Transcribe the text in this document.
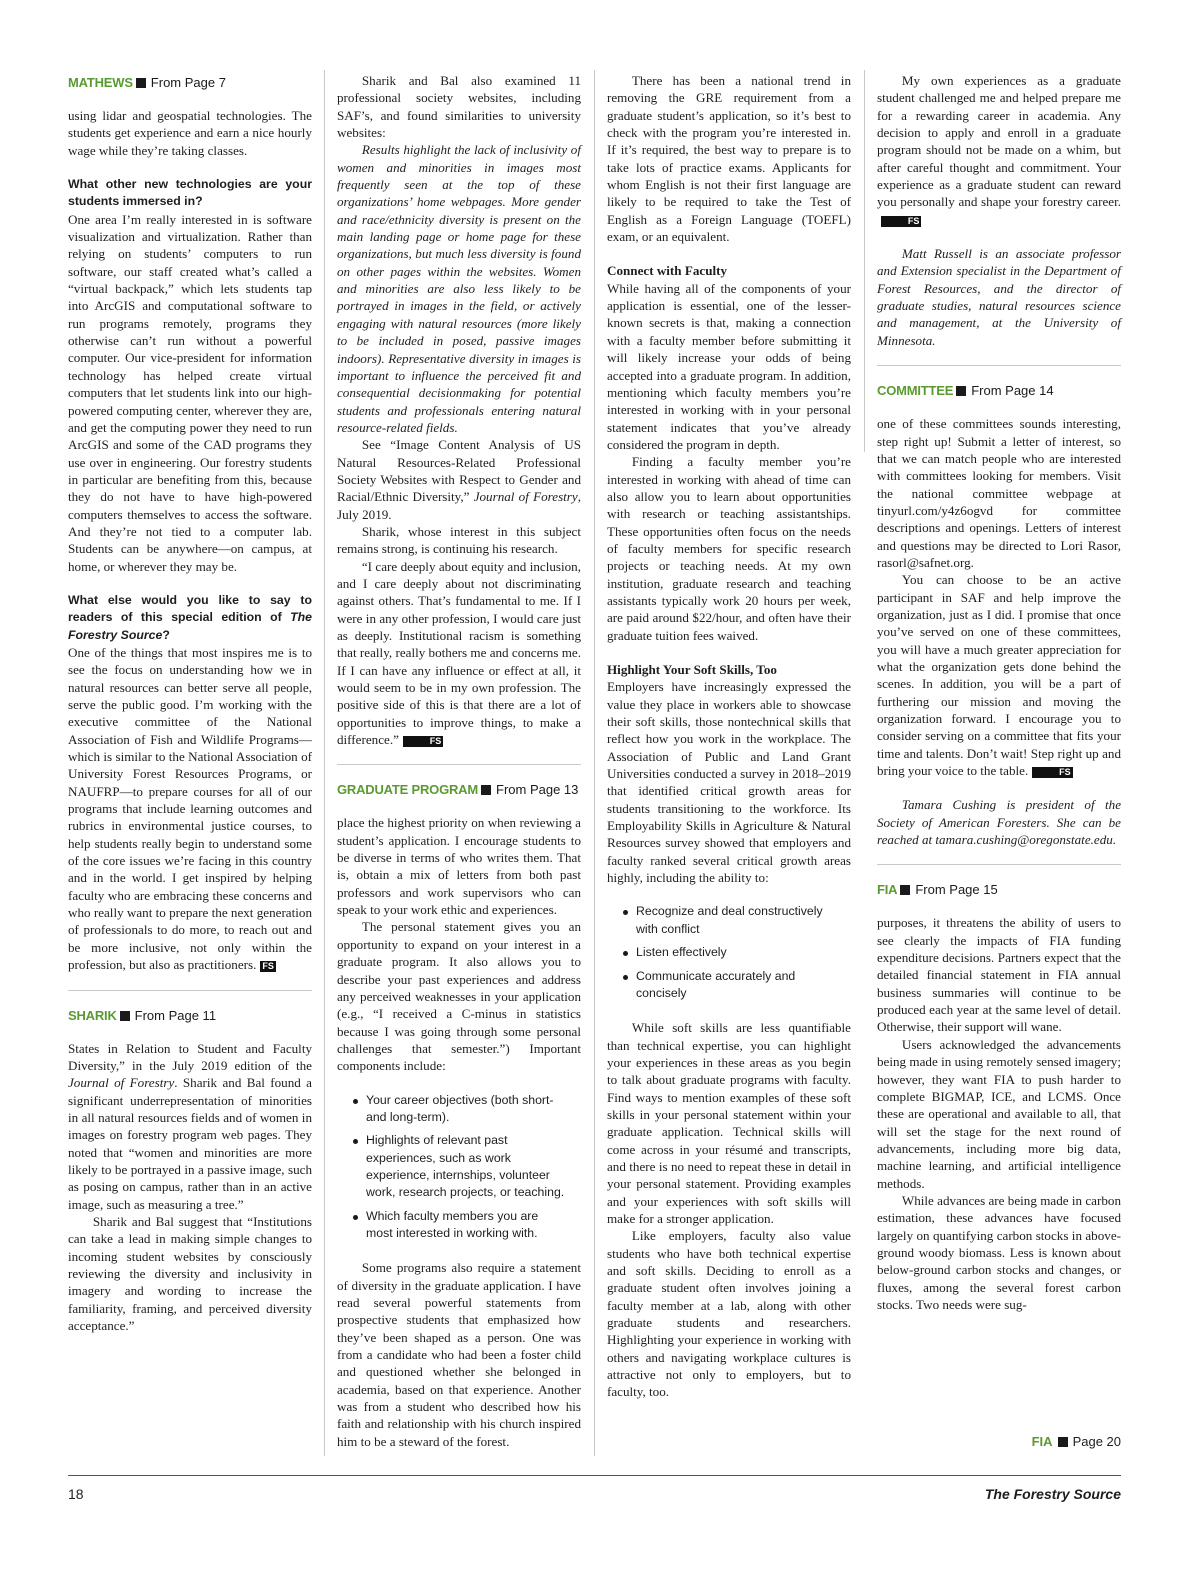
MATHEWS From Page 7

using lidar and geospatial technologies. The students get experience and earn a nice hourly wage while they’re taking classes.

What other new technologies are your students immersed in?

One area I’m really interested in is software visualization and virtualization. Rather than relying on students’ computers to run software, our staff created what’s called a “virtual backpack,” which lets students tap into ArcGIS and computational software to run programs remotely, programs they otherwise can’t run without a powerful computer. Our vice-president for information technology has helped create virtual computers that let students link into our high-powered computing center, wherever they are, and get the computing power they need to run ArcGIS and some of the CAD programs they use over in engineering. Our forestry students in particular are benefiting from this, because they do not have to have high-powered computers themselves to access the software. And they’re not tied to a computer lab. Students can be anywhere—on campus, at home, or wherever they may be.

What else would you like to say to readers of this special edition of The Forestry Source?

One of the things that most inspires me is to see the focus on understanding how we in natural resources can better serve all people, serve the public good. I’m working with the executive committee of the National Association of Fish and Wildlife Programs—which is similar to the National Association of University Forest Resources Programs, or NAUFRP—to prepare courses for all of our programs that include learning outcomes and rubrics in environmental justice courses, to help students really begin to understand some of the core issues we’re facing in this country and in the world. I get inspired by helping faculty who are embracing these concerns and who really want to prepare the next generation of professionals to do more, to reach out and be more inclusive, not only within the profession, but also as practitioners. FS

SHARIK From Page 11

States in Relation to Student and Faculty Diversity,” in the July 2019 edition of the Journal of Forestry. Sharik and Bal found a significant underrepresentation of minorities in all natural resources fields and of women in images on forestry program web pages. They noted that “women and minorities are more likely to be portrayed in a passive image, such as posing on campus, rather than in an active image, such as measuring a tree.”

Sharik and Bal suggest that “Institutions can take a lead in making simple changes to incoming student websites by consciously reviewing the diversity and inclusivity in imagery and wording to increase the familiarity, framing, and perceived diversity acceptance.”

Sharik and Bal also examined 11 professional society websites, including SAF’s, and found similarities to university websites:

Results highlight the lack of inclusivity of women and minorities in images most frequently seen at the top of these organizations’ home webpages. More gender and race/ethnicity diversity is present on the main landing page or home page for these organizations, but much less diversity is found on other pages within the websites. Women and minorities are also less likely to be portrayed in images in the field, or actively engaging with natural resources (more likely to be included in posed, passive images indoors). Representative diversity in images is important to influence the perceived fit and consequential decisionmaking for potential students and professionals entering natural resource-related fields.

See “Image Content Analysis of US Natural Resources-Related Professional Society Websites with Respect to Gender and Racial/Ethnic Diversity,” Journal of Forestry, July 2019.

Sharik, whose interest in this subject remains strong, is continuing his research.

“I care deeply about equity and inclusion, and I care deeply about not discriminating against others. That’s fundamental to me. If I were in any other profession, I would care just as deeply. Institutional racism is something that really, really bothers me and concerns me. If I can have any influence or effect at all, it would seem to be in my own profession. The positive side of this is that there are a lot of opportunities to improve things, to make a difference.”	FS

GRADUATE PROGRAM From Page 13

place the highest priority on when reviewing a student’s application. I encourage students to be diverse in terms of who writes them. That is, obtain a mix of letters from both past professors and work supervisors who can speak to your work ethic and experiences.

The personal statement gives you an opportunity to expand on your interest in a graduate program. It also allows you to describe your past experiences and address any perceived weaknesses in your application (e.g., “I received a C-minus in statistics because I was going through some personal challenges that semester.”) Important components include:

Your career objectives (both short- and long-term).
Highlights of relevant past experiences, such as work experience, internships, volunteer work, research projects, or teaching.
Which faculty members you are most interested in working with.

Some programs also require a statement of diversity in the graduate application. I have read several powerful statements from prospective students that emphasized how they’ve been shaped as a person. One was from a candidate who had been a foster child and questioned whether she belonged in academia, based on that experience. Another was from a student who described how his faith and relationship with his church inspired him to be a steward of the forest.

There has been a national trend in removing the GRE requirement from a graduate student’s application, so it’s best to check with the program you’re interested in. If it’s required, the best way to prepare is to take lots of practice exams. Applicants for whom English is not their first language are likely to be required to take the Test of English as a Foreign Language (TOEFL) exam, or an equivalent.

Connect with Faculty

While having all of the components of your application is essential, one of the lesser-known secrets is that, making a connection with a faculty member before submitting it will likely increase your odds of being accepted into a graduate program. In addition, mentioning which faculty members you’re interested in working with in your personal statement indicates that you’ve already considered the program in depth.

Finding a faculty member you’re interested in working with ahead of time can also allow you to learn about opportunities with research or teaching assistantships. These opportunities often focus on the needs of faculty members for specific research projects or teaching needs. At my own institution, graduate research and teaching assistants typically work 20 hours per week, are paid around $22/hour, and often have their graduate tuition fees waived.

Highlight Your Soft Skills, Too

Employers have increasingly expressed the value they place in workers able to showcase their soft skills, those nontechnical skills that reflect how you work in the workplace. The Association of Public and Land Grant Universities conducted a survey in 2018–2019 that identified critical growth areas for students transitioning to the workforce. Its Employability Skills in Agriculture & Natural Resources survey showed that employers and faculty ranked several critical growth areas highly, including the ability to:

Recognize and deal constructively with conflict
Listen effectively
Communicate accurately and concisely

While soft skills are less quantifiable than technical expertise, you can highlight your experiences in these areas as you begin to talk about graduate programs with faculty. Find ways to mention examples of these soft skills in your personal statement within your graduate application. Technical skills will come across in your résumé and transcripts, and there is no need to repeat these in detail in your personal statement. Providing examples and your experiences with soft skills will make for a stronger application.

Like employers, faculty also value students who have both technical expertise and soft skills. Deciding to enroll as a graduate student often involves joining a faculty member at a lab, along with other graduate students and researchers. Highlighting your experience in working with others and navigating workplace cultures is attractive not only to employers, but to faculty, too.

My own experiences as a graduate student challenged me and helped prepare me for a rewarding career in academia. Any decision to apply and enroll in a graduate program should not be made on a whim, but after careful thought and commitment. Your experience as a graduate student can reward you personally and shape your forestry career.FS

Matt Russell is an associate professor and Extension specialist in the Department of Forest Resources, and the director of graduate studies, natural resources science and management, at the University of Minnesota.

COMMITTEE From Page 14

one of these committees sounds interesting, step right up! Submit a letter of interest, so that we can match people who are interested with committees looking for members. Visit the national committee webpage at tinyurl.com/y4z6ogvd for committee descriptions and openings. Letters of interest and questions may be directed to Lori Rasor, rasorl@safnet.org.

You can choose to be an active participant in SAF and help improve the organization, just as I did. I promise that once you’ve served on one of these committees, you will have a much greater appreciation for what the organization gets done behind the scenes. In addition, you will be a part of furthering our mission and moving the organization forward. I encourage you to consider serving on a committee that fits your time and talents. Don’t wait! Step right up and bring your voice to the table.	FS

Tamara Cushing is president of the Society of American Foresters. She can be reached at tamara.cushing@oregonstate.edu.

FIA From Page 15

purposes, it threatens the ability of users to see clearly the impacts of FIA funding expenditure decisions. Partners expect that the detailed financial statement in FIA annual business summaries will continue to be produced each year at the same level of detail. Otherwise, their support will wane.

Users acknowledged the advancements being made in using remotely sensed imagery; however, they want FIA to push harder to complete BIGMAP, ICE, and LCMS. Once these are operational and available to all, that will set the stage for the next round of advancements, including more big data, machine learning, and artificial intelligence methods.

While advances are being made in carbon estimation, these advances have focused largely on quantifying carbon stocks in above-ground woody biomass. Less is known about below-ground carbon stocks and changes, or fluxes, among the several forest carbon stocks. Two needs were sug-

FIA Page 20
18	The Forestry Source
